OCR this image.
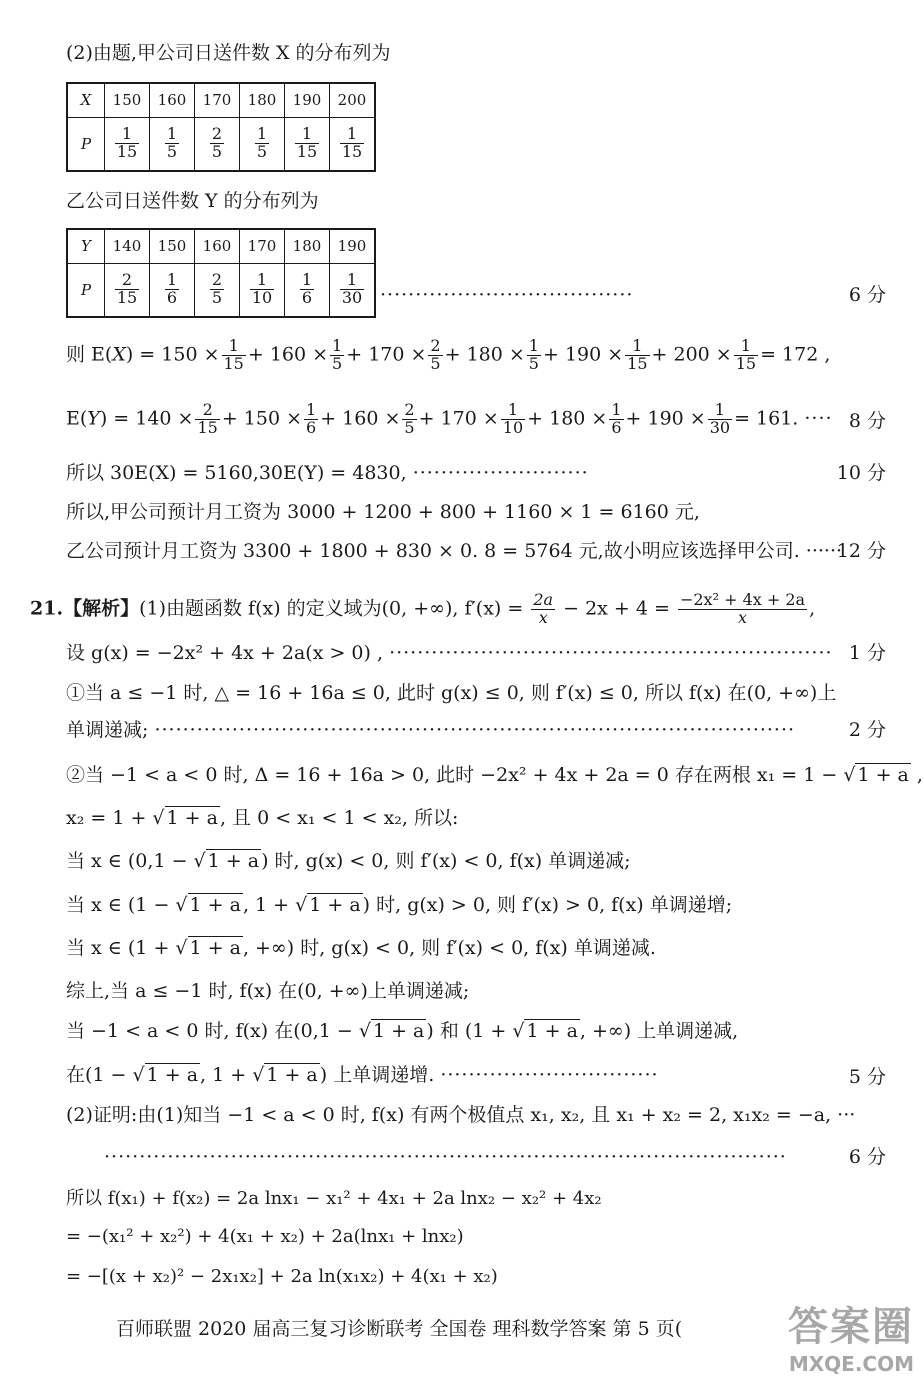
(2)由题,甲公司日送件数 X 的分布列为
X	150	160	170	180	190	200
P	$\frac{1}{15}$	$\frac{1}{5}$	$\frac{2}{5}$	$\frac{1}{5}$	$\frac{1}{15}$	$\frac{1}{15}$
乙公司日送件数 Y 的分布列为
Y	140	150	160	170	180	190
P	$\frac{2}{15}$	$\frac{1}{6}$	$\frac{2}{5}$	$\frac{1}{10}$	$\frac{1}{6}$	$\frac{1}{30}$ ····································	6 分
则 $E(X) = 150 \times \frac{1}{15} + 160 \times \frac{1}{5} + 170 \times \frac{2}{5} + 180 \times \frac{1}{5} + 190 \times \frac{1}{15} + 200 \times \frac{1}{15} = 172$ ,
$E(Y) = 140 \times \frac{2}{15} + 150 \times \frac{1}{6} + 160 \times \frac{2}{5} + 170 \times \frac{1}{10} + 180 \times \frac{1}{6} + 190 \times \frac{1}{30} = 161$. ···· 8 分
所以 30E(X) = 5160,30E(Y) = 4830, ·························	10 分
所以,甲公司预计月工资为 3000 + 1200 + 800 + 1160 × 1 = 6160 元,
乙公司预计月工资为 3300 + 1800 + 830 × 0. 8 = 5764 元,故小明应该选择甲公司. ······
12 分
21.【解析】(1)由题函数 f(x) 的定义域为(0, +∞), $f'(x) = \frac{2a}{x} - 2x + 4 = \frac{\text{−2x² + 4x + 2a}}{x}$ ,
设 g(x) = −2x² + 4x + 2a(x > 0) , ······························································· 1 分
①当 a ≤ −1 时, △ = 16 + 16a ≤ 0, 此时 g(x) ≤ 0, 则 f′(x) ≤ 0, 所以 f(x) 在(0, +∞)上
单调递减; ···························································································	2 分
②当 −1 < a < 0 时, Δ = 16 + 16a > 0, 此时 −2x² + 4x + 2a = 0 存在两根 x₁ = 1 − √ 1 + a ,
x₂ = 1 + √ 1 + a , 且 0 < x₁ < 1 < x₂, 所以:
当 x ∈ (0,1 − √ 1 + a ) 时, g(x) < 0, 则 f′(x) < 0, f(x) 单调递减;
当 x ∈ (1 − √ 1 + a , 1 + √ 1 + a ) 时, g(x) > 0, 则 f′(x) > 0, f(x) 单调递增;
当 x ∈ (1 + √ 1 + a , +∞) 时, g(x) < 0, 则 f′(x) < 0, f(x) 单调递减.
综上,当 a ≤ −1 时, f(x) 在(0, +∞)上单调递减;
当 −1 < a < 0 时, f(x) 在(0,1 − √ 1 + a ) 和 (1 + √ 1 + a , +∞) 上单调递减,
在(1 − √ 1 + a , 1 + √ 1 + a ) 上单调递增. ·······························	5 分
(2)证明:由(1)知当 −1 < a < 0 时, f(x) 有两个极值点 x₁, x₂, 且 x₁ + x₂ = 2, x₁x₂ = −a, ···
·································································································	6 分
所以 f(x₁) + f(x₂) = 2a lnx₁ − x₁² + 4x₁ + 2a lnx₂ − x₂² + 4x₂
= −(x₁² + x₂²) + 4(x₁ + x₂) + 2a(lnx₁ + lnx₂)
= −[(x + x₂)² − 2x₁x₂] + 2a ln(x₁x₂) + 4(x₁ + x₂)
百师联盟 2020 届高三复习诊断联考 全国卷 理科数学答案 第 5 页(	答案圈
MXQE.COM
